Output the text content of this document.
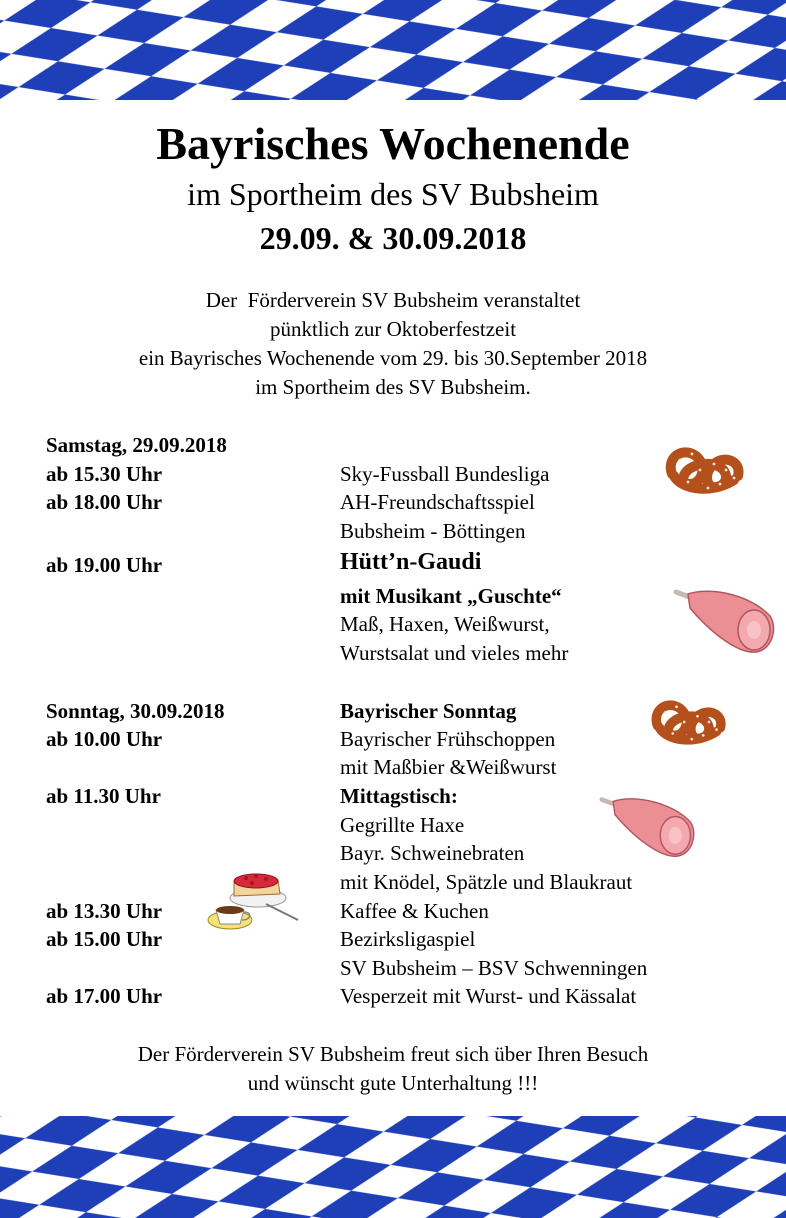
Bayrisches Wochenende
im Sportheim des SV Bubsheim
29.09. & 30.09.2018
Der  Förderverein SV Bubsheim veranstaltet
pünktlich zur Oktoberfestzeit
ein Bayrisches Wochenende vom 29. bis 30.September 2018
im Sportheim des SV Bubsheim.
Samstag, 29.09.2018
ab 15.30 Uhr	Sky-Fussball Bundesliga
ab 18.00 Uhr	AH-Freundschaftsspiel
Bubsheim - Böttingen
ab 19.00 Uhr	Hütt’n-Gaudi
mit Musikant „Guschte“
Maß, Haxen, Weißwurst,
Wurstsalat und vieles mehr
Sonntag, 30.09.2018	Bayrischer Sonntag
ab 10.00 Uhr	Bayrischer Frühschoppen
mit Maßbier &Weißwurst
ab 11.30 Uhr	Mittagstisch:
Gegrillte Haxe
Bayr. Schweinebraten
mit Knödel, Spätzle und Blaukraut
ab 13.30 Uhr	Kaffee & Kuchen
ab 15.00 Uhr	Bezirksligaspiel
SV Bubsheim – BSV Schwenningen
ab 17.00 Uhr	Vesperzeit mit Wurst- und Kässalat
Der Förderverein SV Bubsheim freut sich über Ihren Besuch
und wünscht gute Unterhaltung !!!
